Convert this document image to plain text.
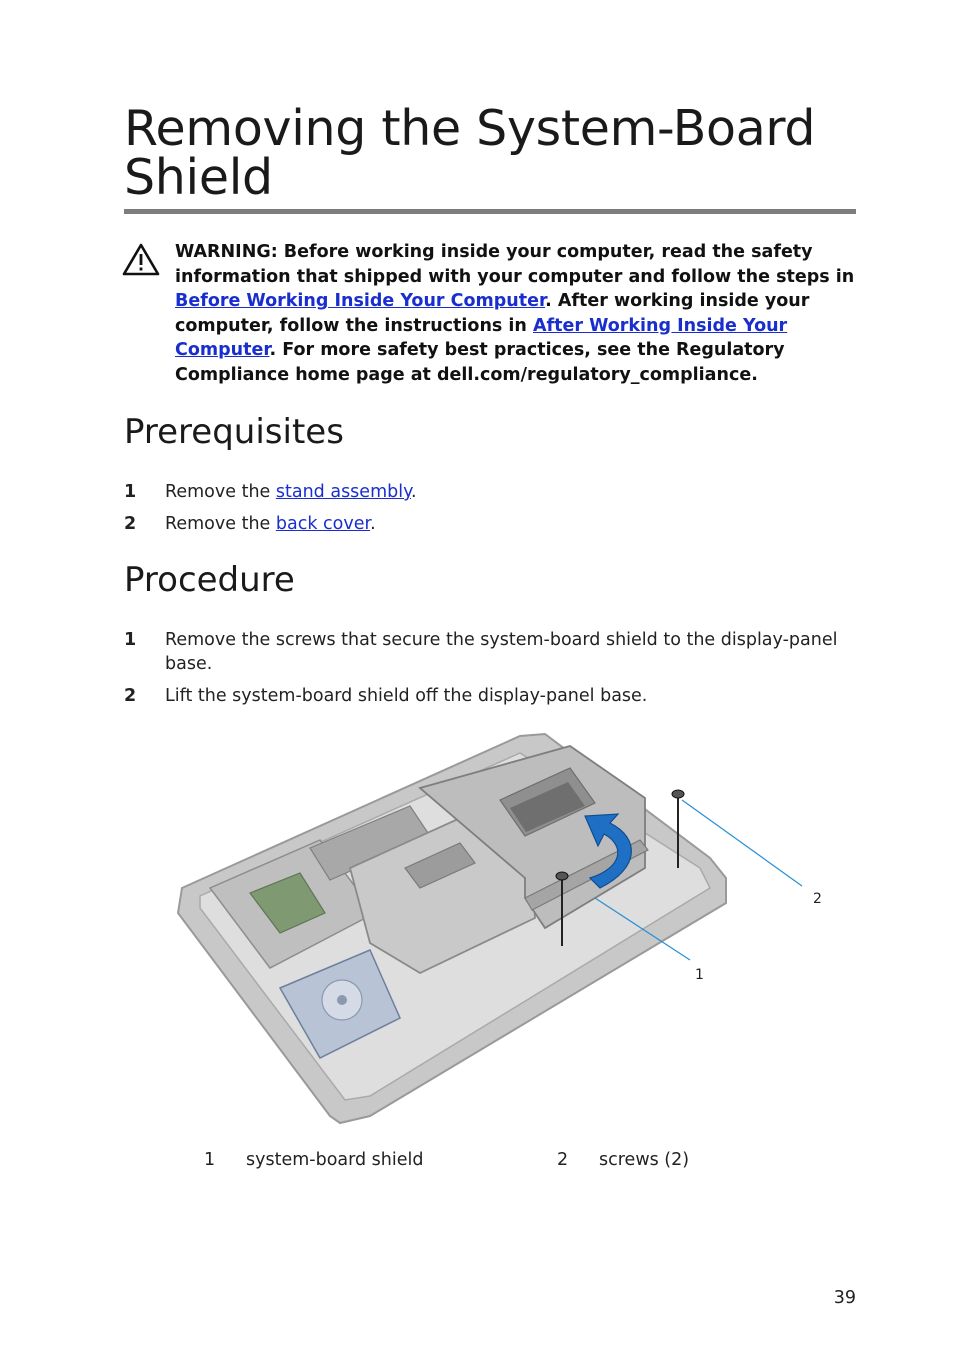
Removing the System-Board Shield
WARNING: Before working inside your computer, read the safety information that shipped with your computer and follow the steps in Before Working Inside Your Computer. After working inside your computer, follow the instructions in After Working Inside Your Computer. For more safety best practices, see the Regulatory Compliance home page at dell.com/regulatory_compliance.
Prerequisites
1 Remove the stand assembly.
2 Remove the back cover.
Procedure
1 Remove the screws that secure the system-board shield to the display-panel base.
2 Lift the system-board shield off the display-panel base.
1
2
1 system-board shield	2 screws (2)
39
